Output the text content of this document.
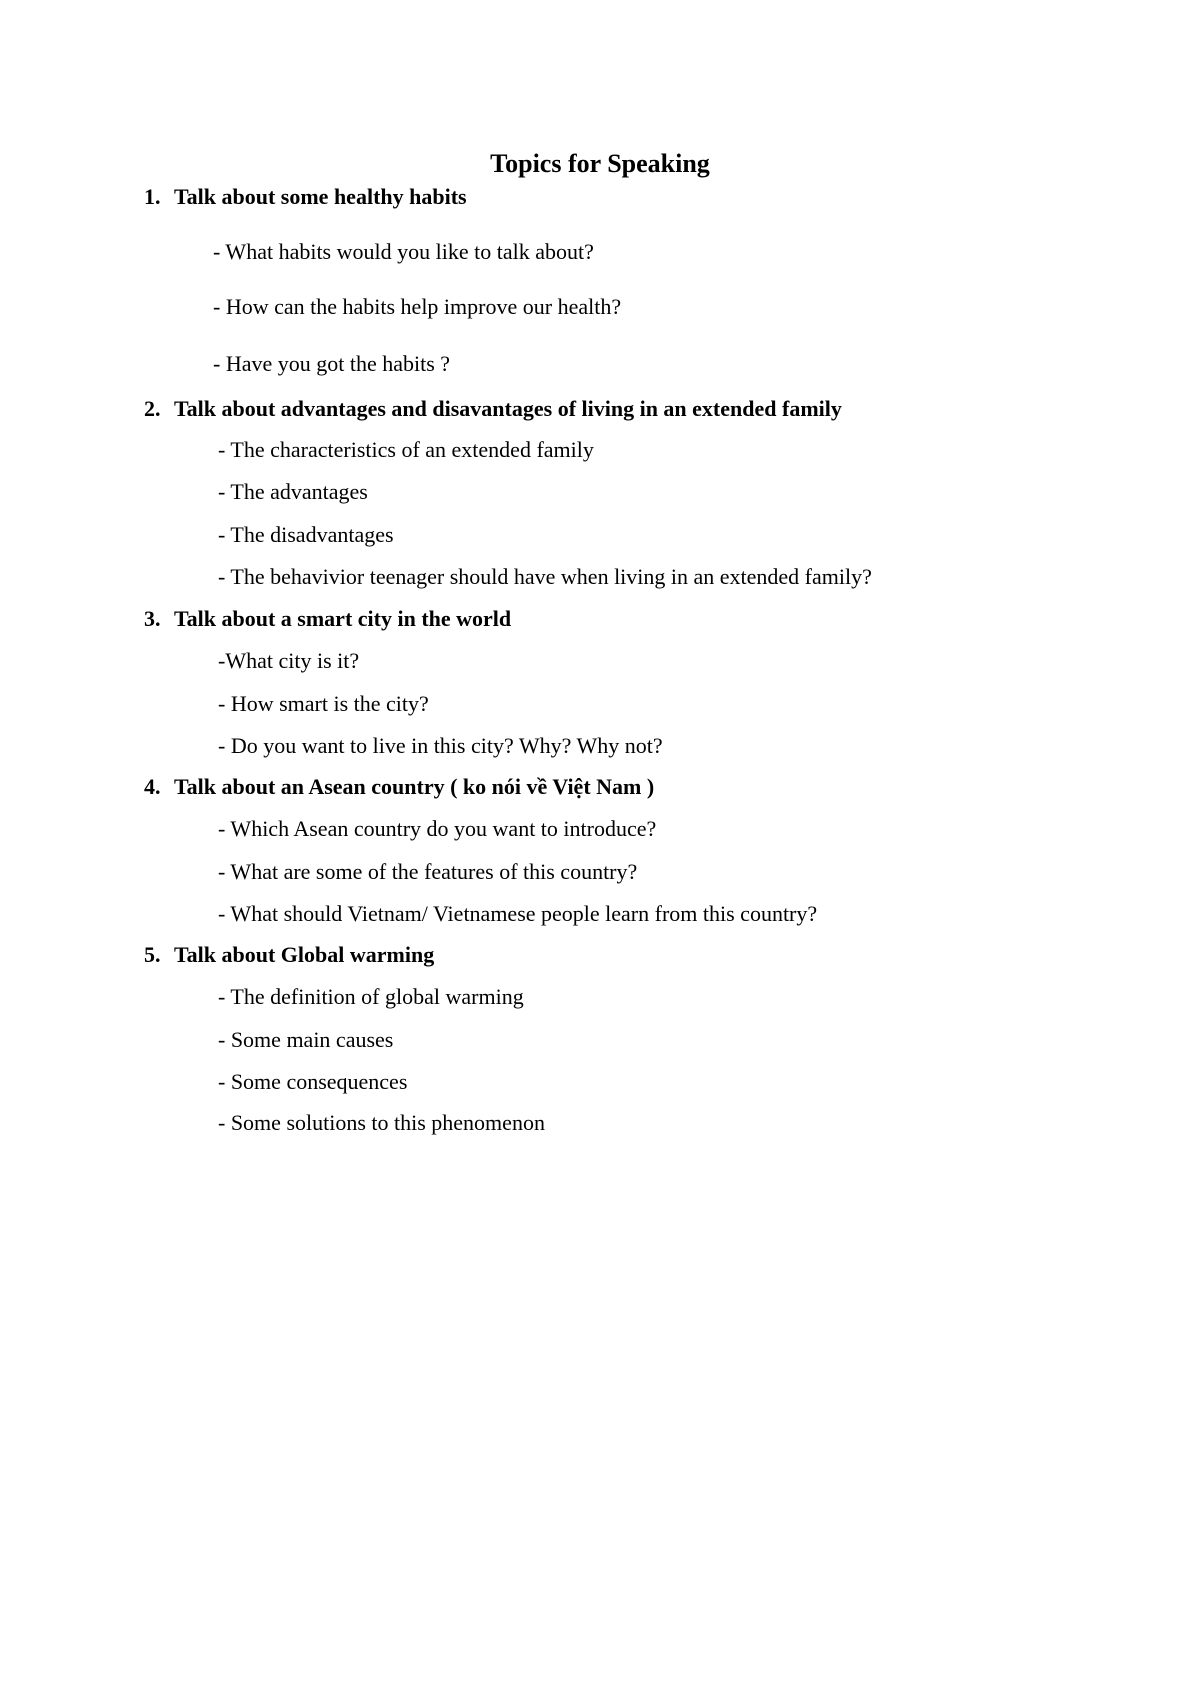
Topics for Speaking
1. Talk about some healthy habits
- What habits would you like to talk about?
- How can the habits help improve our health?
- Have you got the habits ?
2. Talk about advantages and disavantages of living in an extended family
- The characteristics of an extended family
- The advantages
- The disadvantages
- The behavivior teenager should have when living in an extended family?
3. Talk about a smart city in the world
-What city is it?
- How smart is the city?
- Do you want to live in this city? Why? Why not?
4. Talk about an Asean country ( ko nói về Việt Nam )
- Which Asean country do you want to introduce?
- What are some of the features of this country?
- What should Vietnam/ Vietnamese people learn from this country?
5. Talk about Global warming
- The definition of global warming
- Some main causes
- Some consequences
- Some solutions to this phenomenon
